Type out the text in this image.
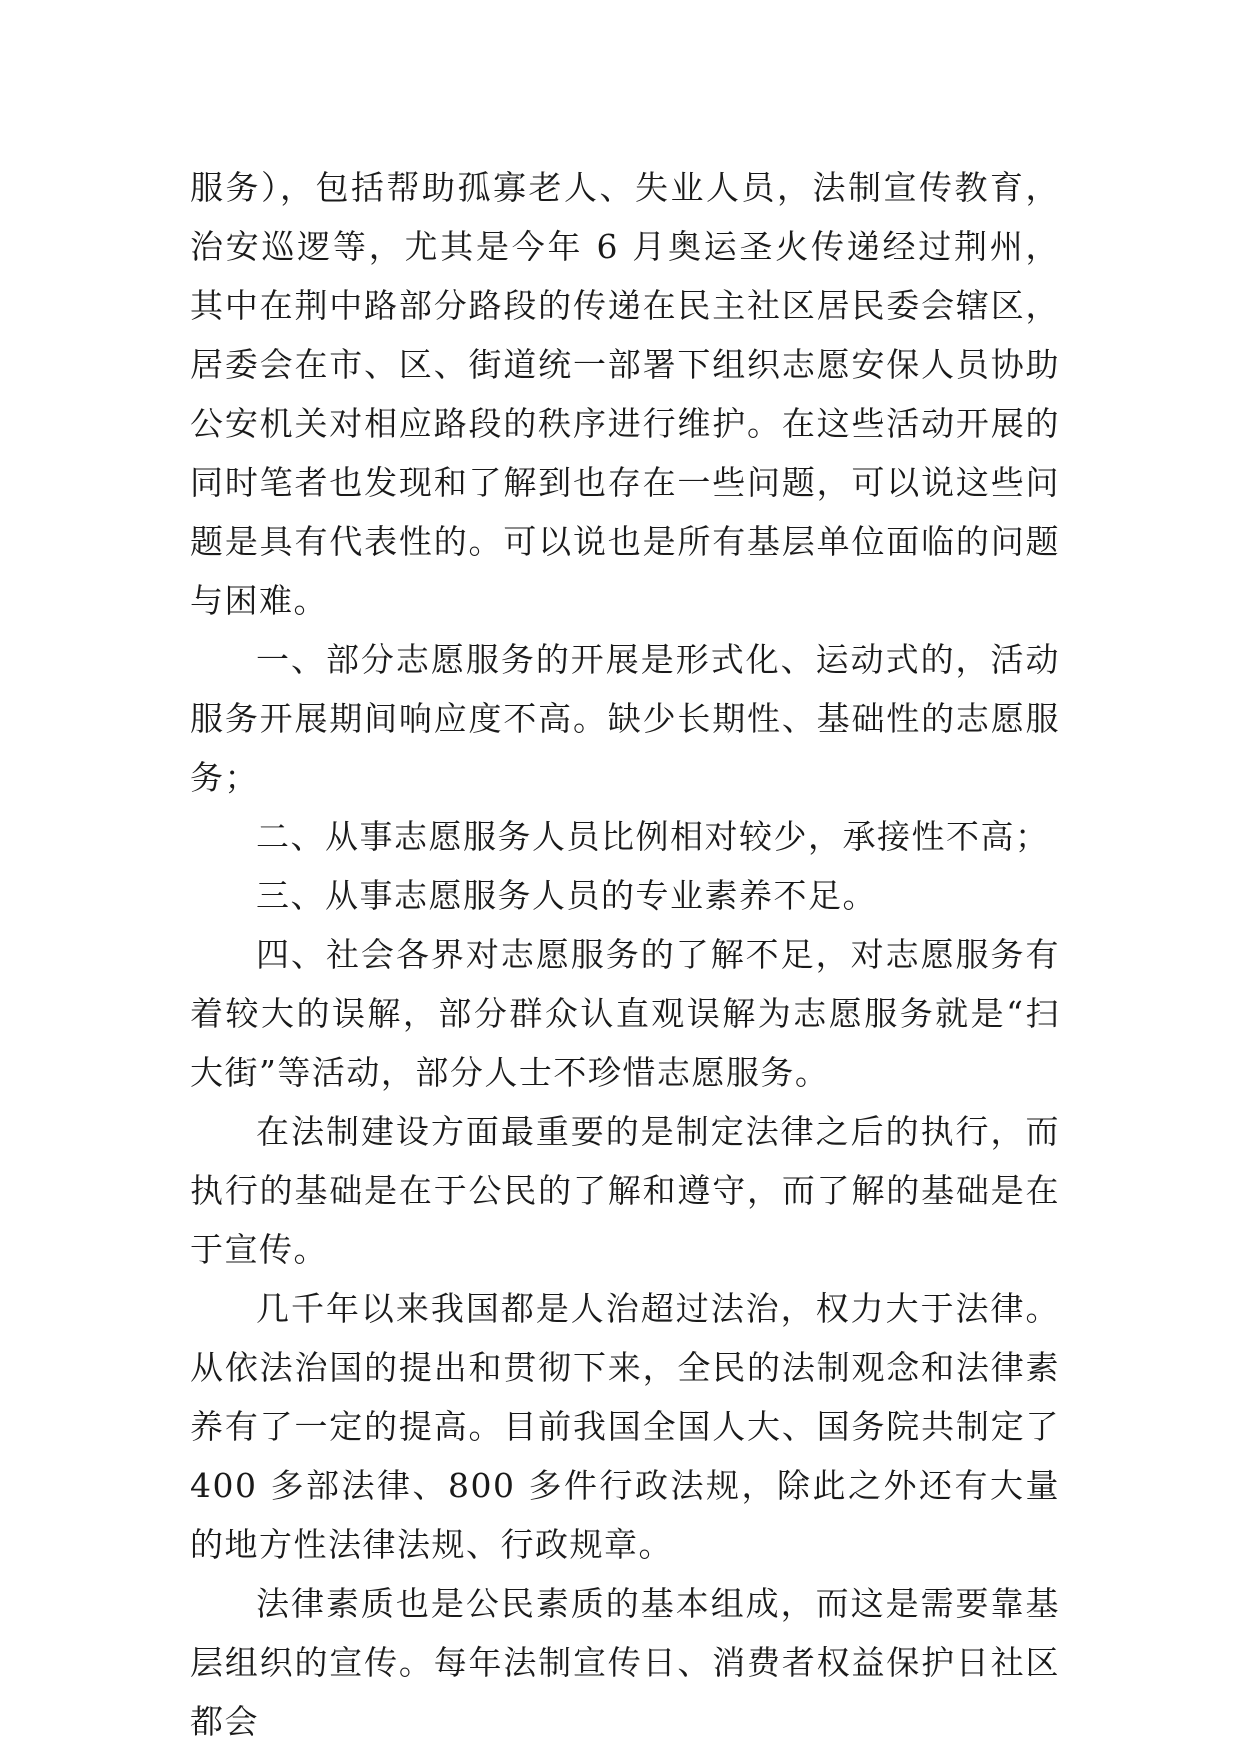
服务），包括帮助孤寡老人、失业人员，法制宣传教育，治安巡逻等，尤其是今年 6 月奥运圣火传递经过荆州，其中在荆中路部分路段的传递在民主社区居民委会辖区，居委会在市、区、街道统一部署下组织志愿安保人员协助公安机关对相应路段的秩序进行维护。在这些活动开展的同时笔者也发现和了解到也存在一些问题，可以说这些问题是具有代表性的。可以说也是所有基层单位面临的问题与困难。

一、部分志愿服务的开展是形式化、运动式的，活动服务开展期间响应度不高。缺少长期性、基础性的志愿服务；

二、从事志愿服务人员比例相对较少，承接性不高；

三、从事志愿服务人员的专业素养不足。

四、社会各界对志愿服务的了解不足，对志愿服务有着较大的误解，部分群众认直观误解为志愿服务就是“扫大街”等活动，部分人士不珍惜志愿服务。

在法制建设方面最重要的是制定法律之后的执行，而执行的基础是在于公民的了解和遵守，而了解的基础是在于宣传。

几千年以来我国都是人治超过法治，权力大于法律。从依法治国的提出和贯彻下来，全民的法制观念和法律素养有了一定的提高。目前我国全国人大、国务院共制定了 400 多部法律、800 多件行政法规，除此之外还有大量的地方性法律法规、行政规章。

法律素质也是公民素质的基本组成，而这是需要靠基层组织的宣传。每年法制宣传日、消费者权益保护日社区都会
